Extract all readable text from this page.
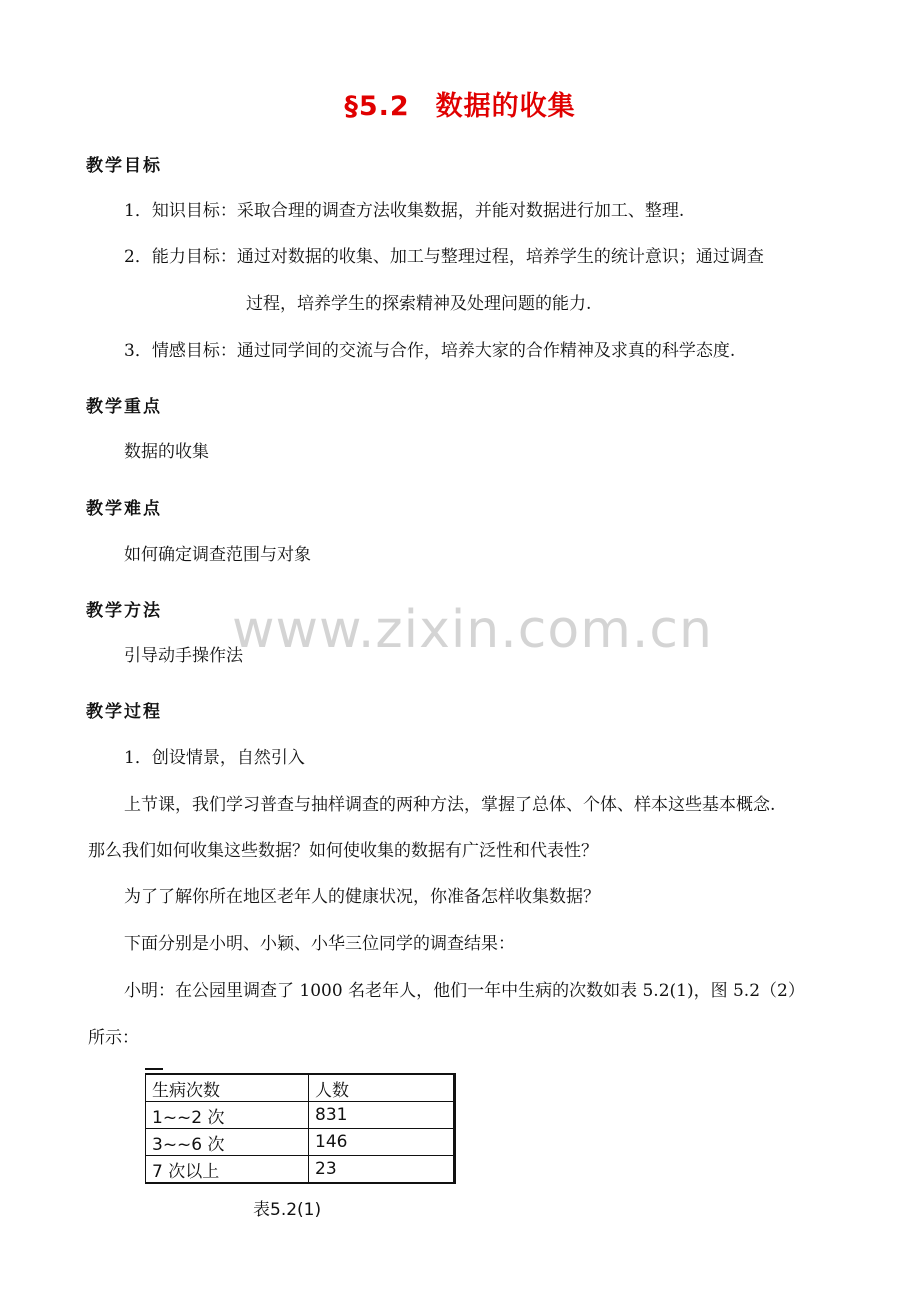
§5.2 数据的收集
教学目标
1．知识目标：采取合理的调查方法收集数据，并能对数据进行加工、整理.
2．能力目标：通过对数据的收集、加工与整理过程，培养学生的统计意识；通过调查
过程，培养学生的探索精神及处理问题的能力.
3．情感目标：通过同学间的交流与合作，培养大家的合作精神及求真的科学态度.
教学重点
数据的收集
教学难点
如何确定调查范围与对象
教学方法
引导动手操作法
教学过程
1．创设情景，自然引入
上节课，我们学习普查与抽样调查的两种方法，掌握了总体、个体、样本这些基本概念.
那么我们如何收集这些数据？如何使收集的数据有广泛性和代表性？
为了了解你所在地区老年人的健康状况，你准备怎样收集数据？
下面分别是小明、小颖、小华三位同学的调查结果：
小明：在公园里调查了 1000 名老年人，他们一年中生病的次数如表 5.2(1)，图 5.2（2）
所示：
www.zixin.com.cn
生病次数	人数
1~~2 次	831
3~~6 次	146
7 次以上	23
表5.2(1)
